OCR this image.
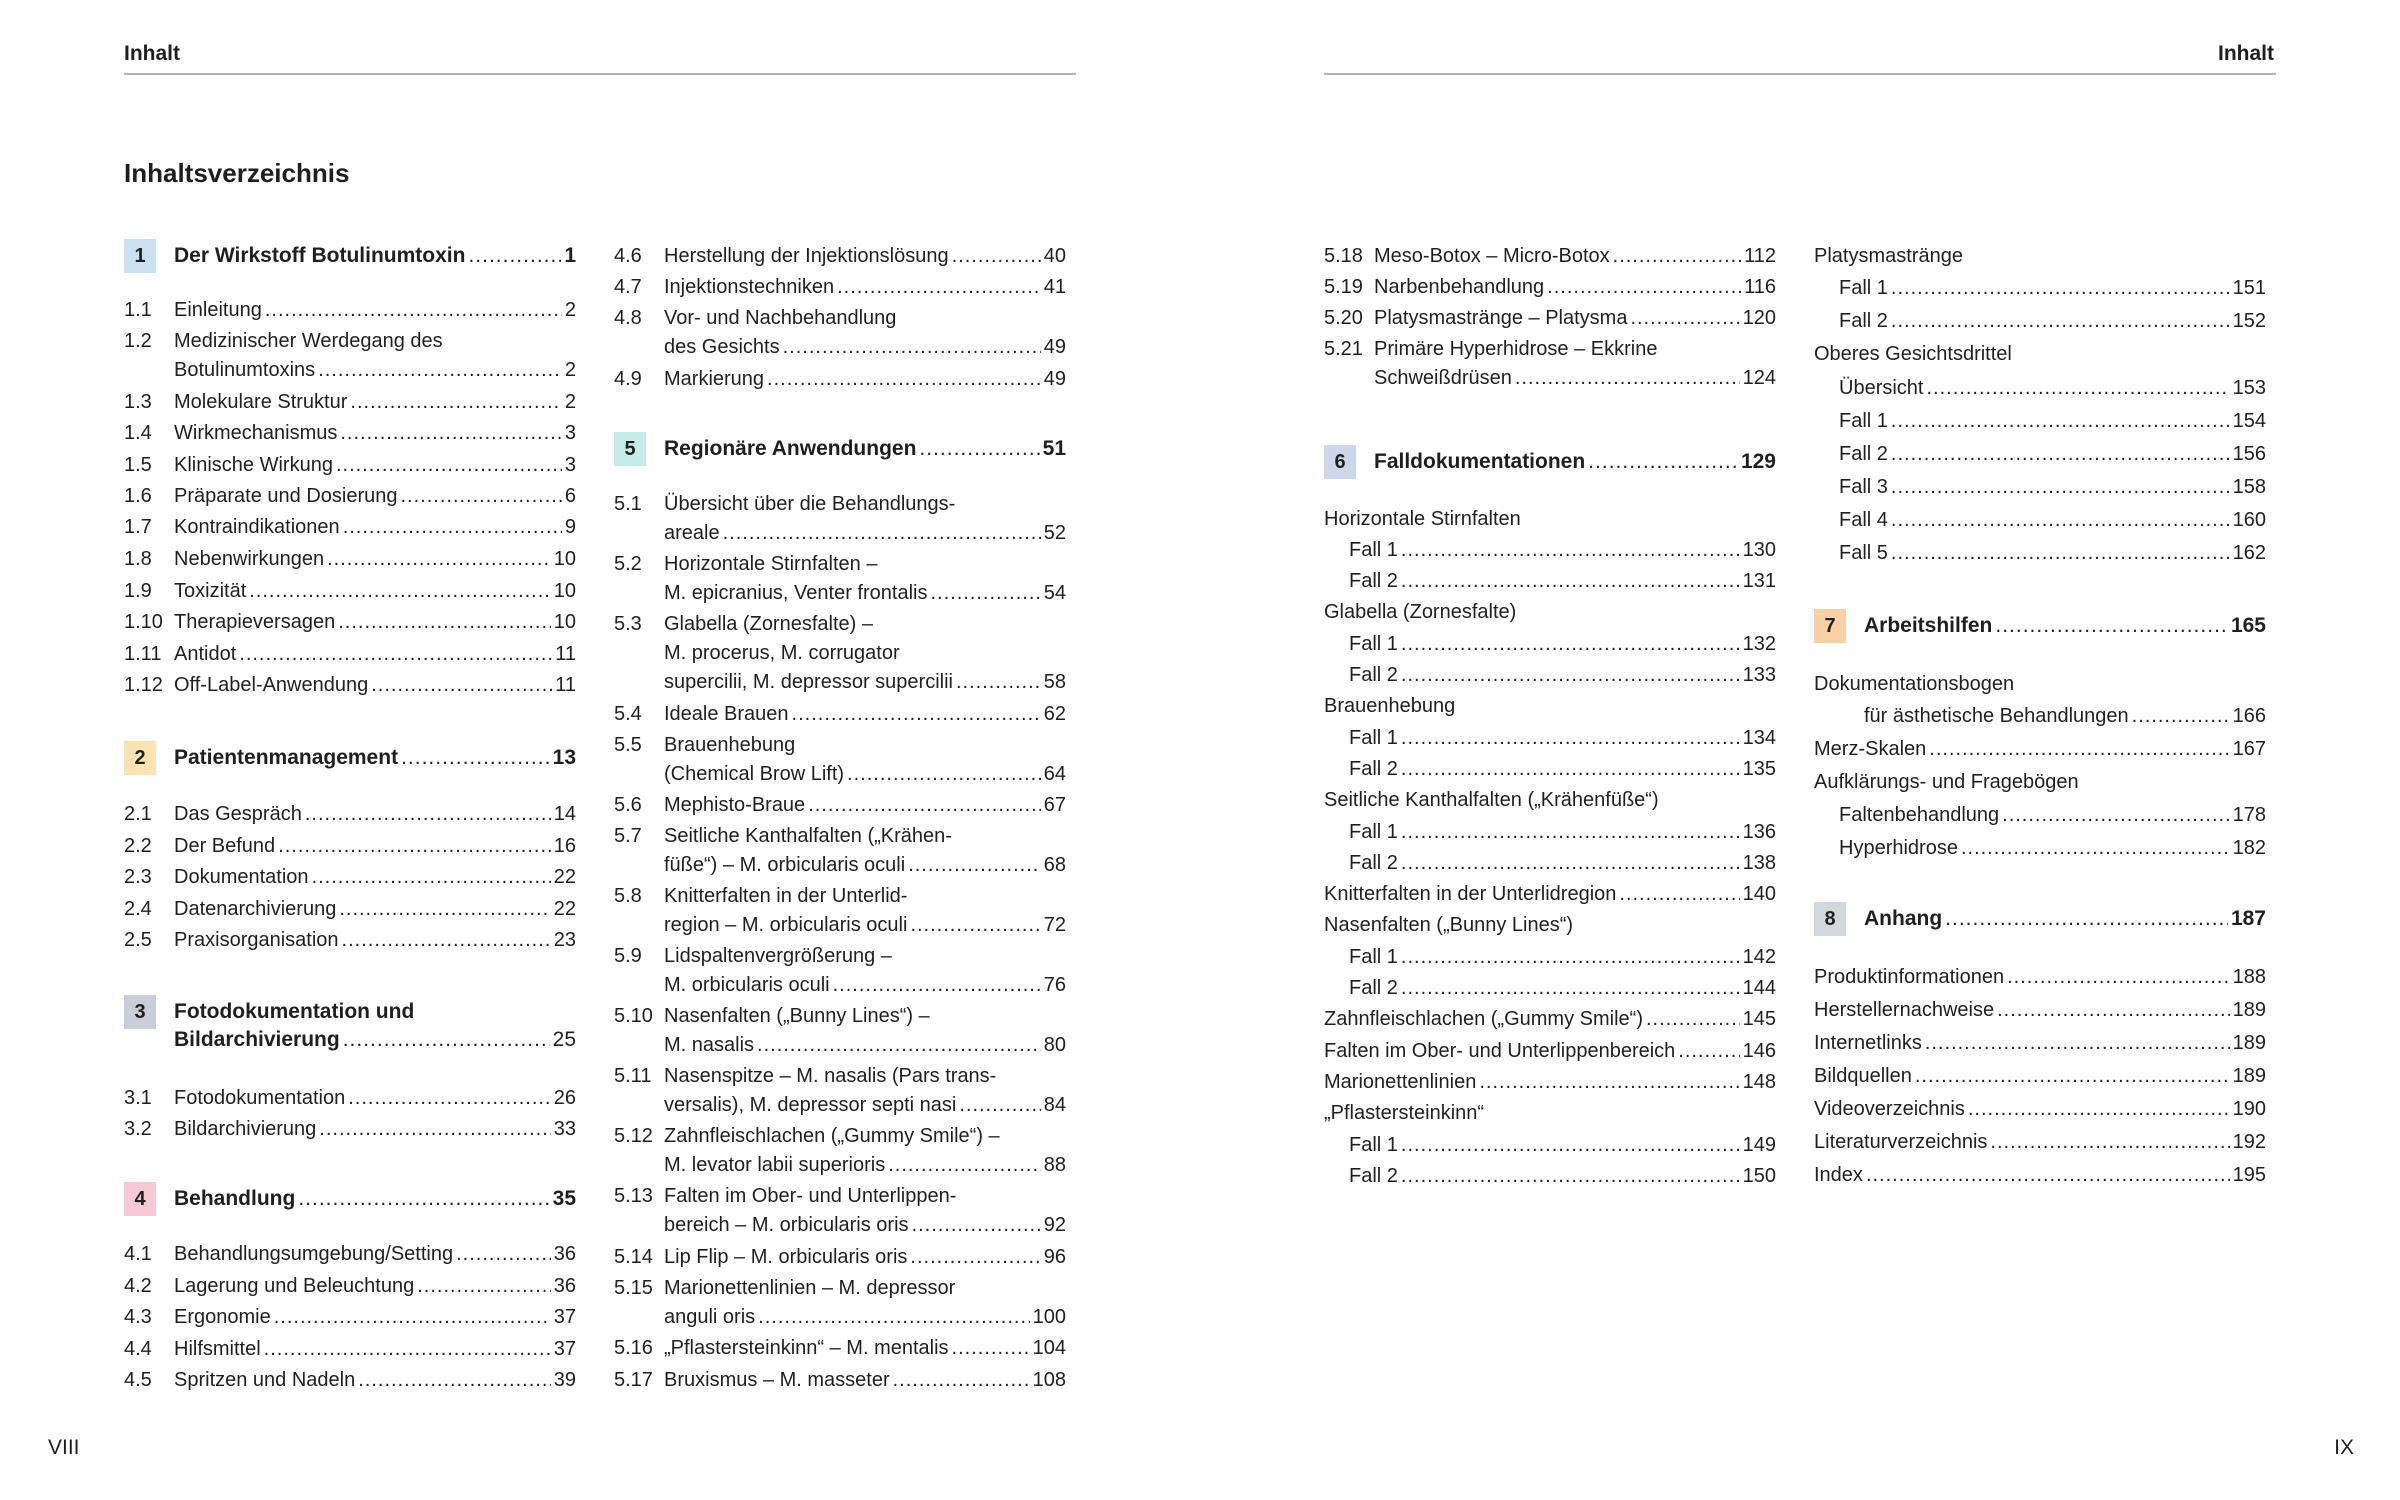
Inhalt
Inhaltsverzeichnis
1	Der Wirkstoff Botulinumtoxin .....	1
1.1 Einleitung .....	2
1.2 Medizinischer Werdegang des
Botulinumtoxins .....	2
1.3 Molekulare Struktur .....	2
1.4 Wirkmechanismus .....	3
1.5 Klinische Wirkung .....	3
1.6 Präparate und Dosierung .....	6
1.7 Kontraindikationen .....	9
1.8 Nebenwirkungen .....	10
1.9 Toxizität .....	10
1.10 Therapieversagen .....	10
1.11 Antidot .....	11
1.12 Off-Label-Anwendung .....	11
2	Patientenmanagement .....	13
2.1 Das Gespräch .....	14
2.2 Der Befund .....	16
2.3 Dokumentation .....	22
2.4 Datenarchivierung .....	22
2.5 Praxisorganisation .....	23
3	Fotodokumentation und
Bildarchivierung .....	25
3.1 Fotodokumentation .....	26
3.2 Bildarchivierung .....	33
4	Behandlung .....	35
4.1 Behandlungsumgebung/Setting .....	36
4.2 Lagerung und Beleuchtung .....	36
4.3 Ergonomie .....	37
4.4 Hilfsmittel .....	37
4.5 Spritzen und Nadeln .....	39
4.6 Herstellung der Injektionslösung .....	40
4.7 Injektionstechniken .....	41
4.8 Vor- und Nachbehandlung
des Gesichts .....	49
4.9 Markierung .....	49
5	Regionäre Anwendungen .....	51
5.1 Übersicht über die Behandlungs-
areale .....	52
5.2 Horizontale Stirnfalten –
M. epicranius, Venter frontalis .....	54
5.3 Glabella (Zornesfalte) –
M. procerus, M. corrugator
supercilii, M. depressor supercilii .....	58
5.4 Ideale Brauen .....	62
5.5 Brauenhebung
(Chemical Brow Lift) .....	64
5.6 Mephisto-Braue .....	67
5.7 Seitliche Kanthalfalten („Krähen-
füße“) – M. orbicularis oculi .....	68
5.8 Knitterfalten in der Unterlid-
region – M. orbicularis oculi .....	72
5.9 Lidspaltenvergrößerung –
M. orbicularis oculi .....	76
5.10 Nasenfalten („Bunny Lines“) –
M. nasalis .....	80
5.11 Nasenspitze – M. nasalis (Pars trans-
versalis), M. depressor septi nasi .....	84
5.12 Zahnfleischlachen („Gummy Smile“) –
M. levator labii superioris .....	88
5.13 Falten im Ober- und Unterlippen-
bereich – M. orbicularis oris .....	92
5.14 Lip Flip – M. orbicularis oris .....	96
5.15 Marionettenlinien – M. depressor
anguli oris .....	100
5.16 „Pflastersteinkinn“ – M. mentalis .....	104
5.17 Bruxismus – M. masseter .....	108
VIII
Inhalt
5.18 Meso-Botox – Micro-Botox .....	112
5.19 Narbenbehandlung .....	116
5.20 Platysmastränge – Platysma .....	120
5.21 Primäre Hyperhidrose – Ekkrine
Schweißdrüsen .....	124
6	Falldokumentationen .....	129
Horizontale Stirnfalten
Fall 1 .....	130
Fall 2 .....	131
Glabella (Zornesfalte)
Fall 1 .....	132
Fall 2 .....	133
Brauenhebung
Fall 1 .....	134
Fall 2 .....	135
Seitliche Kanthalfalten („Krähenfüße“)
Fall 1 .....	136
Fall 2 .....	138
Knitterfalten in der Unterlidregion .....	140
Nasenfalten („Bunny Lines“)
Fall 1 .....	142
Fall 2 .....	144
Zahnfleischlachen („Gummy Smile“) .....	145
Falten im Ober- und Unterlippenbereich .....	146
Marionettenlinien .....	148
„Pflastersteinkinn“
Fall 1 .....	149
Fall 2 .....	150
Platysmastränge
Fall 1 .....	151
Fall 2 .....	152
Oberes Gesichtsdrittel
Übersicht .....	153
Fall 1 .....	154
Fall 2 .....	156
Fall 3 .....	158
Fall 4 .....	160
Fall 5 .....	162
7	Arbeitshilfen .....	165
Dokumentationsbogen
für ästhetische Behandlungen .....	166
Merz-Skalen .....	167
Aufklärungs- und Fragebögen
Faltenbehandlung .....	178
Hyperhidrose .....	182
8	Anhang .....	187
Produktinformationen .....	188
Herstellernachweise .....	189
Internetlinks .....	189
Bildquellen .....	189
Videoverzeichnis .....	190
Literaturverzeichnis .....	192
Index .....	195
IX
